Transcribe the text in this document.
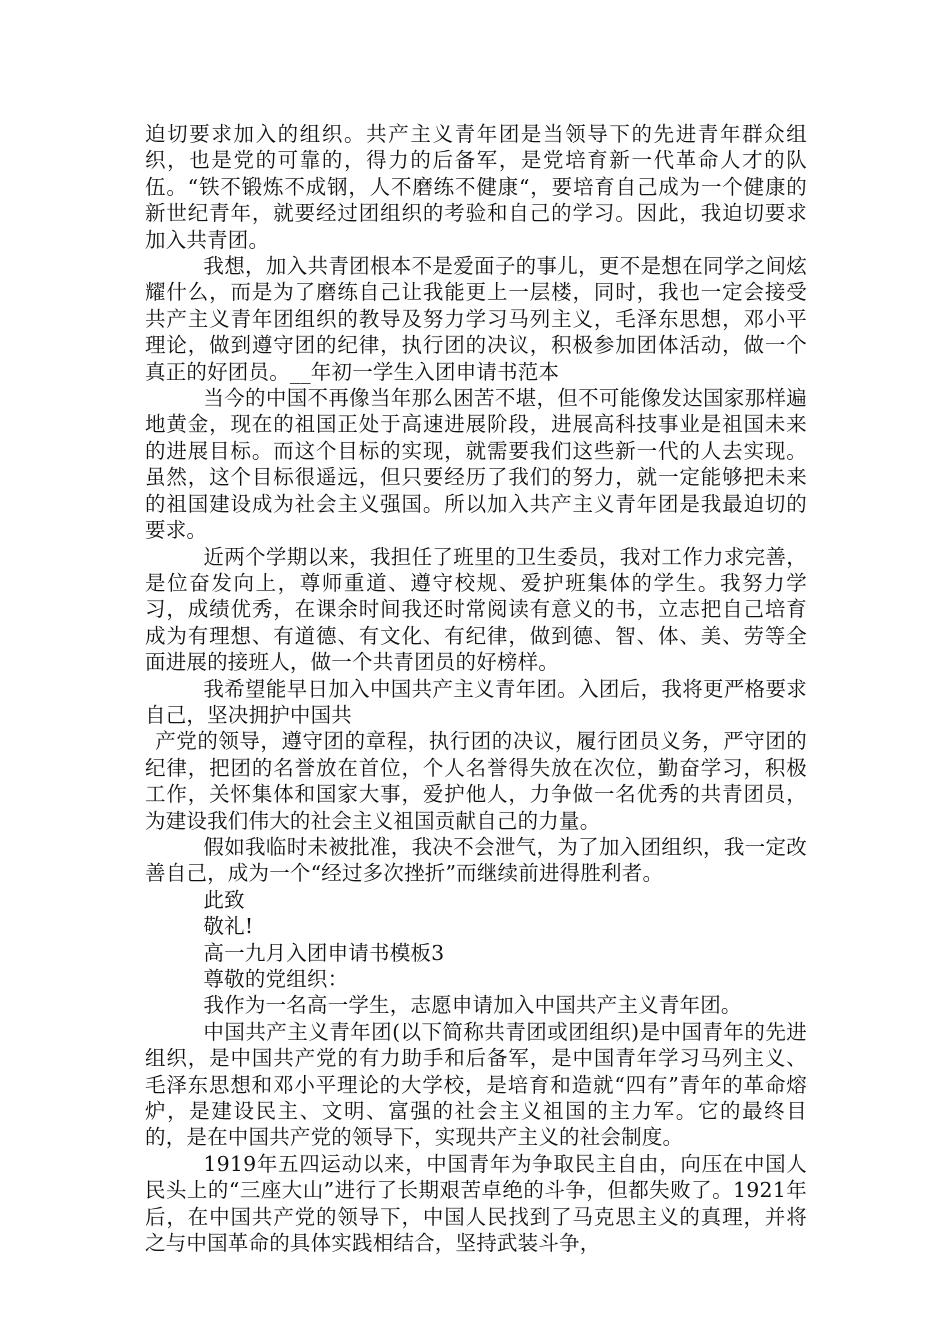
迫切要求加入的组织。共产主义青年团是当领导下的先进青年群众组织，也是党的可靠的，得力的后备军，是党培育新一代革命人才的队伍。“铁不锻炼不成钢，人不磨练不健康“，要培育自己成为一个健康的新世纪青年，就要经过团组织的考验和自己的学习。因此，我迫切要求加入共青团。

我想，加入共青团根本不是爱面子的事儿，更不是想在同学之间炫耀什么，而是为了磨练自己让我能更上一层楼，同时，我也一定会接受共产主义青年团组织的教导及努力学习马列主义，毛泽东思想，邓小平理论，做到遵守团的纪律，执行团的决议，积极参加团体活动，做一个真正的好团员。__年初一学生入团申请书范本

当今的中国不再像当年那么困苦不堪，但不可能像发达国家那样遍地黄金，现在的祖国正处于高速进展阶段，进展高科技事业是祖国未来的进展目标。而这个目标的实现，就需要我们这些新一代的人去实现。虽然，这个目标很遥远，但只要经历了我们的努力，就一定能够把未来的祖国建设成为社会主义强国。所以加入共产主义青年团是我最迫切的要求。

近两个学期以来，我担任了班里的卫生委员，我对工作力求完善，是位奋发向上，尊师重道、遵守校规、爱护班集体的学生。我努力学习，成绩优秀，在课余时间我还时常阅读有意义的书，立志把自己培育成为有理想、有道德、有文化、有纪律，做到德、智、体、美、劳等全面进展的接班人，做一个共青团员的好榜样。

我希望能早日加入中国共产主义青年团。入团后，我将更严格要求自己，坚决拥护中国共

产党的领导，遵守团的章程，执行团的决议，履行团员义务，严守团的纪律，把团的名誉放在首位，个人名誉得失放在次位，勤奋学习，积极工作，关怀集体和国家大事，爱护他人，力争做一名优秀的共青团员，为建设我们伟大的社会主义祖国贡献自己的力量。

假如我临时未被批准，我决不会泄气，为了加入团组织，我一定改善自己，成为一个“经过多次挫折”而继续前进得胜利者。

此致

敬礼!

高一九月入团申请书模板3

尊敬的党组织：

我作为一名高一学生，志愿申请加入中国共产主义青年团。

中国共产主义青年团(以下简称共青团或团组织)是中国青年的先进组织，是中国共产党的有力助手和后备军，是中国青年学习马列主义、毛泽东思想和邓小平理论的大学校，是培育和造就“四有”青年的革命熔炉，是建设民主、文明、富强的社会主义祖国的主力军。它的最终目的，是在中国共产党的领导下，实现共产主义的社会制度。

1919年五四运动以来，中国青年为争取民主自由，向压在中国人民头上的“三座大山”进行了长期艰苦卓绝的斗争，但都失败了。1921年后，在中国共产党的领导下，中国人民找到了马克思主义的真理，并将之与中国革命的具体实践相结合，坚持武装斗争，
